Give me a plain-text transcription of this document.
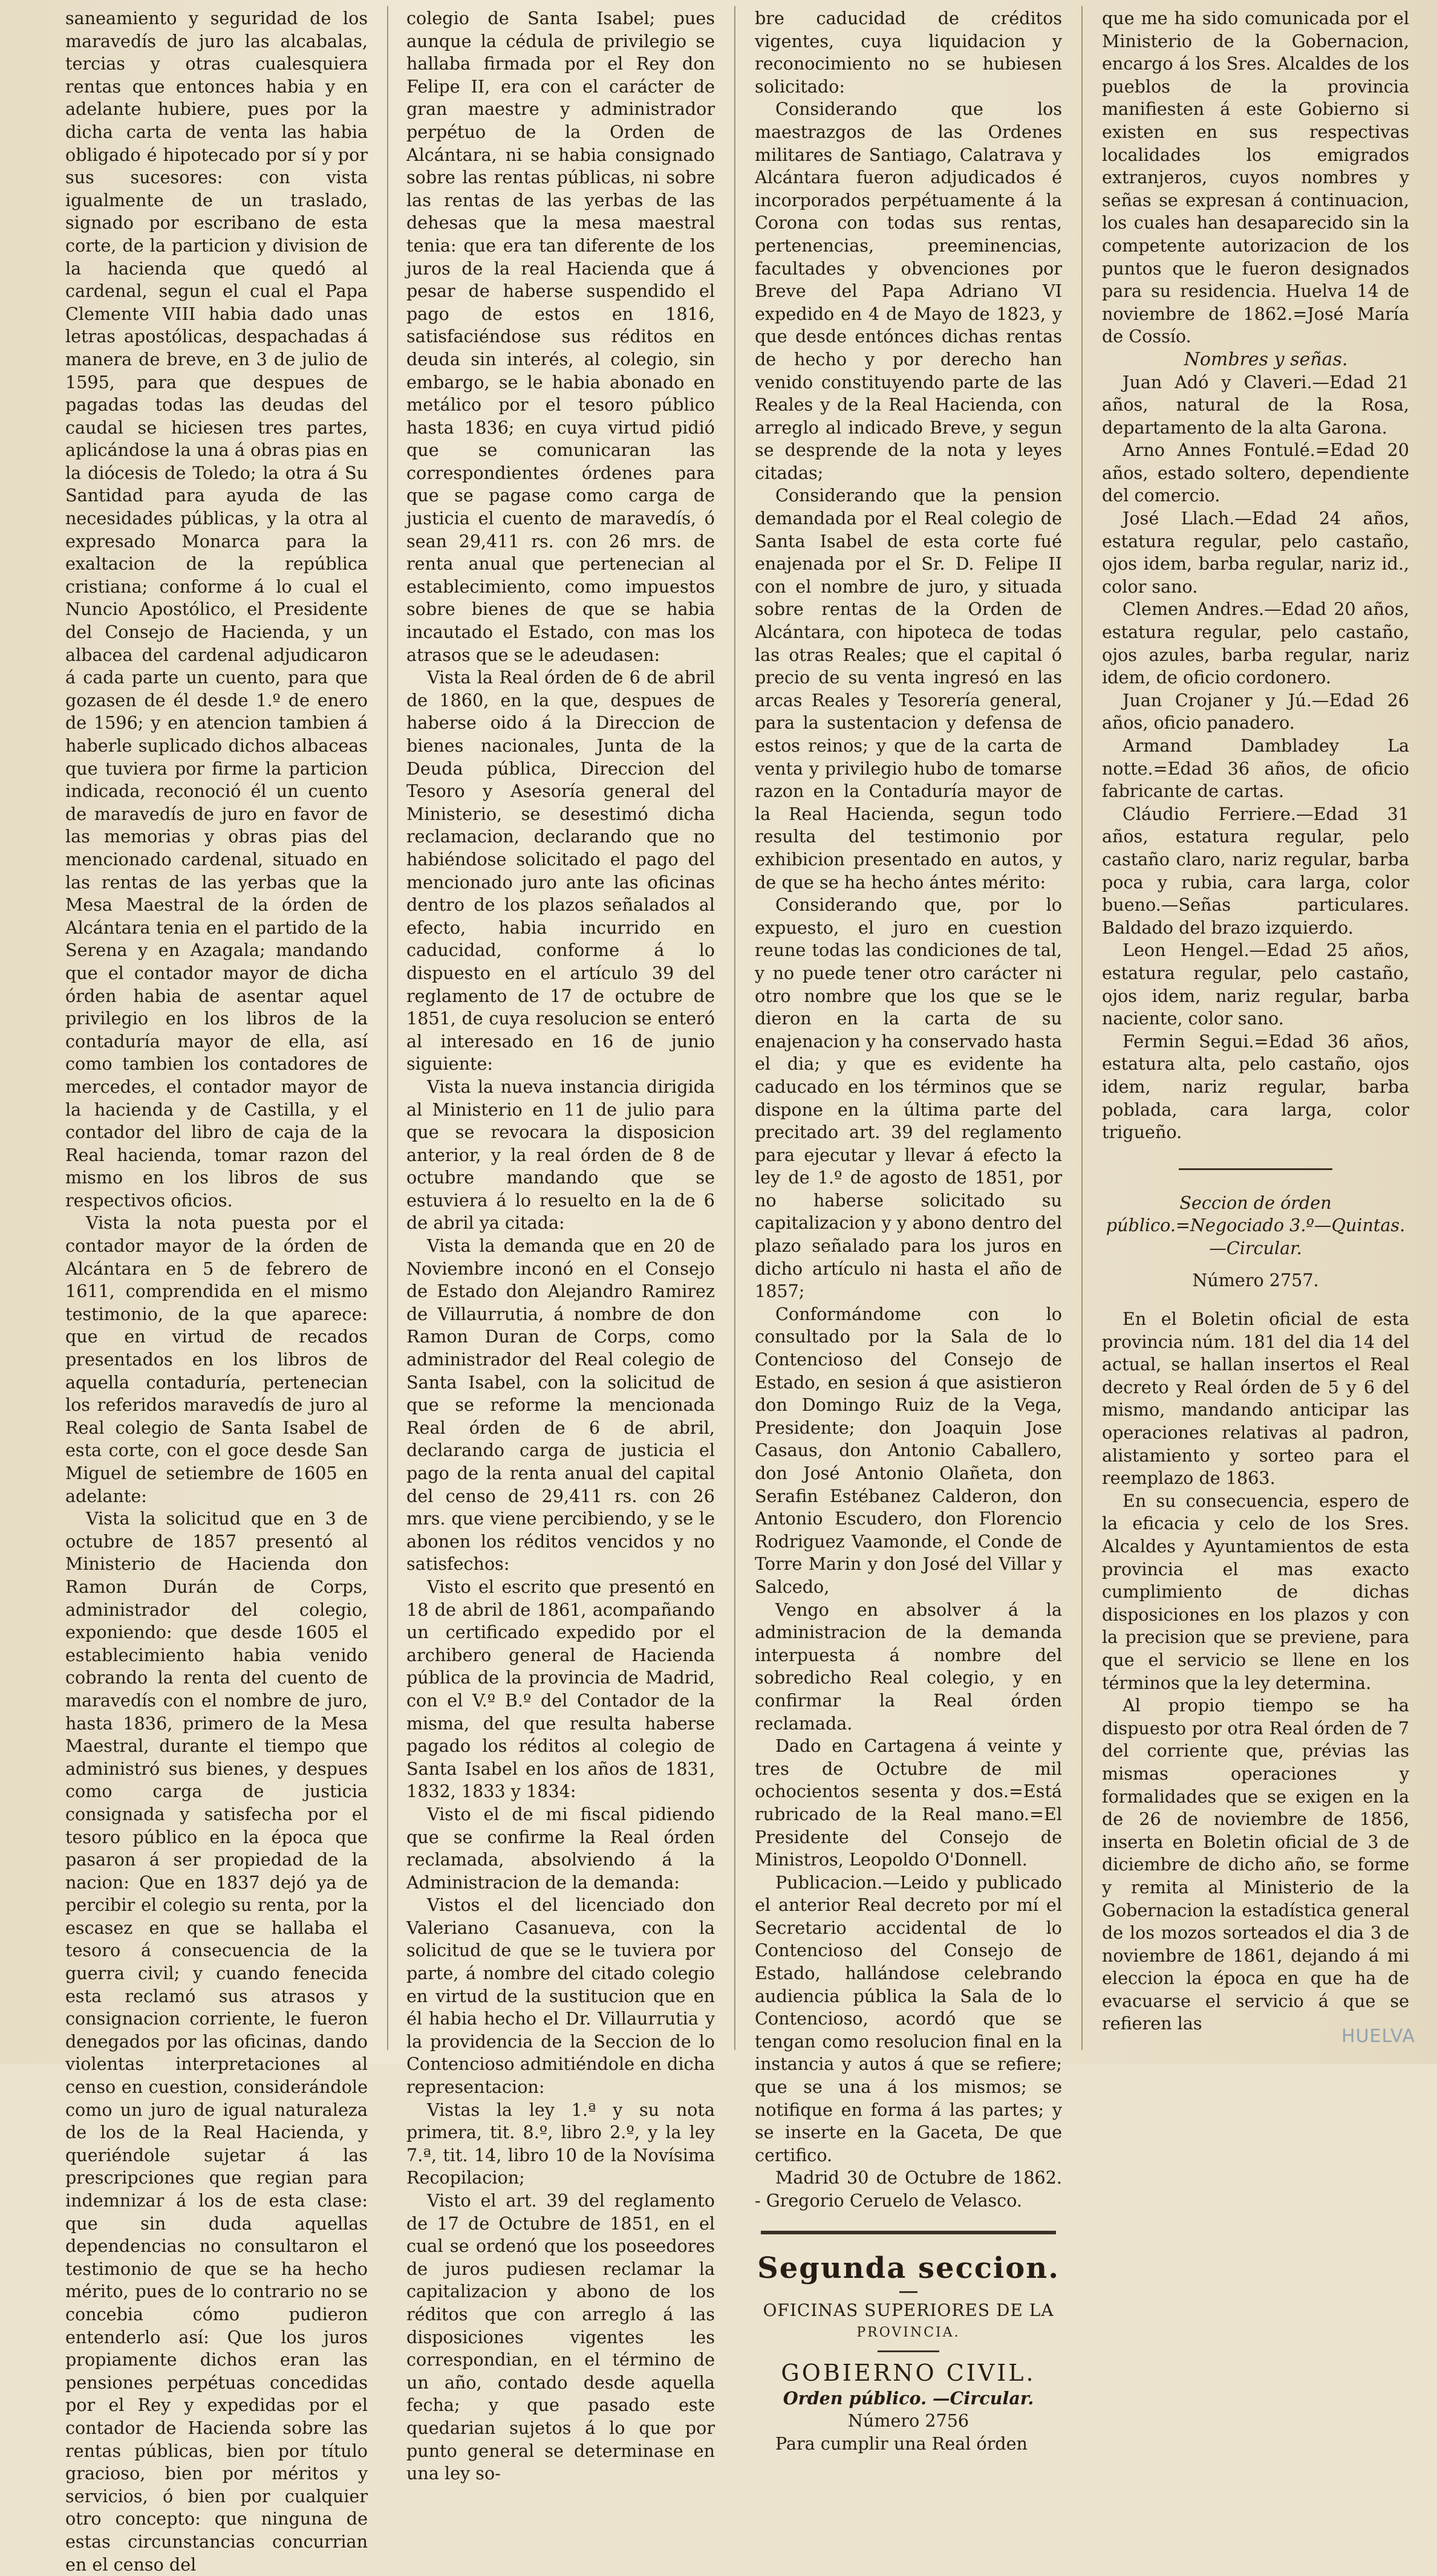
saneamiento y seguridad de los maravedís de juro las alcabalas, tercias y otras cualesquiera rentas que entonces habia y en adelante hubiere, pues por la dicha carta de venta las habia obligado é hipotecado por sí y por sus sucesores: con vista igualmente de un traslado, signado por escribano de esta corte, de la particion y division de la hacienda que quedó al cardenal, segun el cual el Papa Clemente VIII habia dado unas letras apostólicas, despachadas á manera de breve, en 3 de julio de 1595, para que despues de pagadas todas las deudas del caudal se hiciesen tres partes, aplicándose la una á obras pias en la diócesis de Toledo; la otra á Su Santidad para ayuda de las necesidades públicas, y la otra al expresado Monarca para la exaltacion de la república cristiana; conforme á lo cual el Nuncio Apostólico, el Presidente del Consejo de Hacienda, y un albacea del cardenal adjudicaron á cada parte un cuento, para que gozasen de él desde 1.º de enero de 1596; y en atencion tambien á haberle suplicado dichos albaceas que tuviera por firme la particion indicada, reconoció él un cuento de maravedís de juro en favor de las memorias y obras pias del mencionado cardenal, situado en las rentas de las yerbas que la Mesa Maestral de la órden de Alcántara tenia en el partido de la Serena y en Azagala; mandando que el contador mayor de dicha órden habia de asentar aquel privilegio en los libros de la contaduría mayor de ella, así como tambien los contadores de mercedes, el contador mayor de la hacienda y de Castilla, y el contador del libro de caja de la Real hacienda, tomar razon del mismo en los libros de sus respectivos oficios.

Vista la nota puesta por el contador mayor de la órden de Alcántara en 5 de febrero de 1611, comprendida en el mismo testimonio, de la que aparece: que en virtud de recados presentados en los libros de aquella contaduría, pertenecian los referidos maravedís de juro al Real colegio de Santa Isabel de esta corte, con el goce desde San Miguel de setiembre de 1605 en adelante:

Vista la solicitud que en 3 de octubre de 1857 presentó al Ministerio de Hacienda don Ramon Durán de Corps, administrador del colegio, exponiendo: que desde 1605 el establecimiento habia venido cobrando la renta del cuento de maravedís con el nombre de juro, hasta 1836, primero de la Mesa Maestral, durante el tiempo que administró sus bienes, y despues como carga de justicia consignada y satisfecha por el tesoro público en la época que pasaron á ser propiedad de la nacion: Que en 1837 dejó ya de percibir el colegio su renta, por la escasez en que se hallaba el tesoro á consecuencia de la guerra civil; y cuando fenecida esta reclamó sus atrasos y consignacion corriente, le fueron denegados por las oficinas, dando violentas interpretaciones al censo en cuestion, considerándole como un juro de igual naturaleza de los de la Real Hacienda, y queriéndole sujetar á las prescripciones que regian para indemnizar á los de esta clase: que sin duda aquellas dependencias no consultaron el testimonio de que se ha hecho mérito, pues de lo contrario no se concebia cómo pudieron entenderlo así: Que los juros propiamente dichos eran las pensiones perpétuas concedidas por el Rey y expedidas por el contador de Hacienda sobre las rentas públicas, bien por título gracioso, bien por méritos y servicios, ó bien por cualquier otro concepto: que ninguna de estas circunstancias concurrian en el censo del

colegio de Santa Isabel; pues aunque la cédula de privilegio se hallaba firmada por el Rey don Felipe II, era con el carácter de gran maestre y administrador perpétuo de la Orden de Alcántara, ni se habia consignado sobre las rentas públicas, ni sobre las rentas de las yerbas de las dehesas que la mesa maestral tenia: que era tan diferente de los juros de la real Hacienda que á pesar de haberse suspendido el pago de estos en 1816, satisfaciéndose sus réditos en deuda sin interés, al colegio, sin embargo, se le habia abonado en metálico por el tesoro público hasta 1836; en cuya virtud pidió que se comunicaran las correspondientes órdenes para que se pagase como carga de justicia el cuento de maravedís, ó sean 29,411 rs. con 26 mrs. de renta anual que pertenecian al establecimiento, como impuestos sobre bienes de que se habia incautado el Estado, con mas los atrasos que se le adeudasen:

Vista la Real órden de 6 de abril de 1860, en la que, despues de haberse oido á la Direccion de bienes nacionales, Junta de la Deuda pública, Direccion del Tesoro y Asesoría general del Ministerio, se desestimó dicha reclamacion, declarando que no habiéndose solicitado el pago del mencionado juro ante las oficinas dentro de los plazos señalados al efecto, habia incurrido en caducidad, conforme á lo dispuesto en el artículo 39 del reglamento de 17 de octubre de 1851, de cuya resolucion se enteró al interesado en 16 de junio siguiente:

Vista la nueva instancia dirigida al Ministerio en 11 de julio para que se revocara la disposicion anterior, y la real órden de 8 de octubre mandando que se estuviera á lo resuelto en la de 6 de abril ya citada:

Vista la demanda que en 20 de Noviembre inconó en el Consejo de Estado don Alejandro Ramirez de Villaurrutia, á nombre de don Ramon Duran de Corps, como administrador del Real colegio de Santa Isabel, con la solicitud de que se reforme la mencionada Real órden de 6 de abril, declarando carga de justicia el pago de la renta anual del capital del censo de 29,411 rs. con 26 mrs. que viene percibiendo, y se le abonen los réditos vencidos y no satisfechos:

Visto el escrito que presentó en 18 de abril de 1861, acompañando un certificado expedido por el archibero general de Hacienda pública de la provincia de Madrid, con el V.º B.º del Contador de la misma, del que resulta haberse pagado los réditos al colegio de Santa Isabel en los años de 1831, 1832, 1833 y 1834:

Visto el de mi fiscal pidiendo que se confirme la Real órden reclamada, absolviendo á la Administracion de la demanda:

Vistos el del licenciado don Valeriano Casanueva, con la solicitud de que se le tuviera por parte, á nombre del citado colegio en virtud de la sustitucion que en él habia hecho el Dr. Villaurrutia y la providencia de la Seccion de lo Contencioso admitiéndole en dicha representacion:

Vistas la ley 1.ª y su nota primera, tit. 8.º, libro 2.º, y la ley 7.ª, tit. 14, libro 10 de la Novísima Recopilacion;

Visto el art. 39 del reglamento de 17 de Octubre de 1851, en el cual se ordenó que los poseedores de juros pudiesen reclamar la capitalizacion y abono de los réditos que con arreglo á las disposiciones vigentes les correspondian, en el término de un año, contado desde aquella fecha; y que pasado este quedarian sujetos á lo que por punto general se determinase en una ley so-

bre caducidad de créditos vigentes, cuya liquidacion y reconocimiento no se hubiesen solicitado:

Considerando que los maestrazgos de las Ordenes militares de Santiago, Calatrava y Alcántara fueron adjudicados é incorporados perpétuamente á la Corona con todas sus rentas, pertenencias, preeminencias, facultades y obvenciones por Breve del Papa Adriano VI expedido en 4 de Mayo de 1823, y que desde entónces dichas rentas de hecho y por derecho han venido constituyendo parte de las Reales y de la Real Hacienda, con arreglo al indicado Breve, y segun se desprende de la nota y leyes citadas;

Considerando que la pension demandada por el Real colegio de Santa Isabel de esta corte fué enajenada por el Sr. D. Felipe II con el nombre de juro, y situada sobre rentas de la Orden de Alcántara, con hipoteca de todas las otras Reales; que el capital ó precio de su venta ingresó en las arcas Reales y Tesorería general, para la sustentacion y defensa de estos reinos; y que de la carta de venta y privilegio hubo de tomarse razon en la Contaduría mayor de la Real Hacienda, segun todo resulta del testimonio por exhibicion presentado en autos, y de que se ha hecho ántes mérito:

Considerando que, por lo expuesto, el juro en cuestion reune todas las condiciones de tal, y no puede tener otro carácter ni otro nombre que los que se le dieron en la carta de su enajenacion y ha conservado hasta el dia; y que es evidente ha caducado en los términos que se dispone en la última parte del precitado art. 39 del reglamento para ejecutar y llevar á efecto la ley de 1.º de agosto de 1851, por no haberse solicitado su capitalizacion y y abono dentro del plazo señalado para los juros en dicho artículo ni hasta el año de 1857;

Conformándome con lo consultado por la Sala de lo Contencioso del Consejo de Estado, en sesion á que asistieron don Domingo Ruiz de la Vega, Presidente; don Joaquin Jose Casaus, don Antonio Caballero, don José Antonio Olañeta, don Serafin Estébanez Calderon, don Antonio Escudero, don Florencio Rodriguez Vaamonde, el Conde de Torre Marin y don José del Villar y Salcedo,

Vengo en absolver á la administracion de la demanda interpuesta á nombre del sobredicho Real colegio, y en confirmar la Real órden reclamada.

Dado en Cartagena á veinte y tres de Octubre de mil ochocientos sesenta y dos.=Está rubricado de la Real mano.=El Presidente del Consejo de Ministros, Leopoldo O'Donnell.

Publicacion.—Leido y publicado el anterior Real decreto por mí el Secretario accidental de lo Contencioso del Consejo de Estado, hallándose celebrando audiencia pública la Sala de lo Contencioso, acordó que se tengan como resolucion final en la instancia y autos á que se refiere; que se una á los mismos; se notifique en forma á las partes; y se inserte en la Gaceta, De que certifico.

Madrid 30 de Octubre de 1862. - Gregorio Ceruelo de Velasco.

Segunda seccion.

OFICINAS SUPERIORES DE LA

PROVINCIA.

GOBIERNO CIVIL.

Orden público. —Circular.

Número 2756

Para cumplir una Real órden

que me ha sido comunicada por el Ministerio de la Gobernacion, encargo á los Sres. Alcaldes de los pueblos de la provincia manifiesten á este Gobierno si existen en sus respectivas localidades los emigrados extranjeros, cuyos nombres y señas se expresan á continuacion, los cuales han desaparecido sin la competente autorizacion de los puntos que le fueron designados para su residencia. Huelva 14 de noviembre de 1862.=José María de Cossío.

Nombres y señas.

Juan Adó y Claveri.—Edad 21 años, natural de la Rosa, departamento de la alta Garona.

Arno Annes Fontulé.=Edad 20 años, estado soltero, dependiente del comercio.

José Llach.—Edad 24 años, estatura regular, pelo castaño, ojos idem, barba regular, nariz id., color sano.

Clemen Andres.—Edad 20 años, estatura regular, pelo castaño, ojos azules, barba regular, nariz idem, de oficio cordonero.

Juan Crojaner y Jú.—Edad 26 años, oficio panadero.

Armand Dambladey La notte.=Edad 36 años, de oficio fabricante de cartas.

Cláudio Ferriere.—Edad 31 años, estatura regular, pelo castaño claro, nariz regular, barba poca y rubia, cara larga, color bueno.—Señas particulares. Baldado del brazo izquierdo.

Leon Hengel.—Edad 25 años, estatura regular, pelo castaño, ojos idem, nariz regular, barba naciente, color sano.

Fermin Segui.=Edad 36 años, estatura alta, pelo castaño, ojos idem, nariz regular, barba poblada, cara larga, color trigueño.

Seccion de órden público.=Negociado 3.º—Quintas.—Circular.

Número 2757.

En el Boletin oficial de esta provincia núm. 181 del dia 14 del actual, se hallan insertos el Real decreto y Real órden de 5 y 6 del mismo, mandando anticipar las operaciones relativas al padron, alistamiento y sorteo para el reemplazo de 1863.

En su consecuencia, espero de la eficacia y celo de los Sres. Alcaldes y Ayuntamientos de esta provincia el mas exacto cumplimiento de dichas disposiciones en los plazos y con la precision que se previene, para que el servicio se llene en los términos que la ley determina.

Al propio tiempo se ha dispuesto por otra Real órden de 7 del corriente que, prévias las mismas operaciones y formalidades que se exigen en la de 26 de noviembre de 1856, inserta en Boletin oficial de 3 de diciembre de dicho año, se forme y remita al Ministerio de la Gobernacion la estadística general de los mozos sorteados el dia 3 de noviembre de 1861, dejando á mi eleccion la época en que ha de evacuarse el servicio á que se refieren las

HUELVA
